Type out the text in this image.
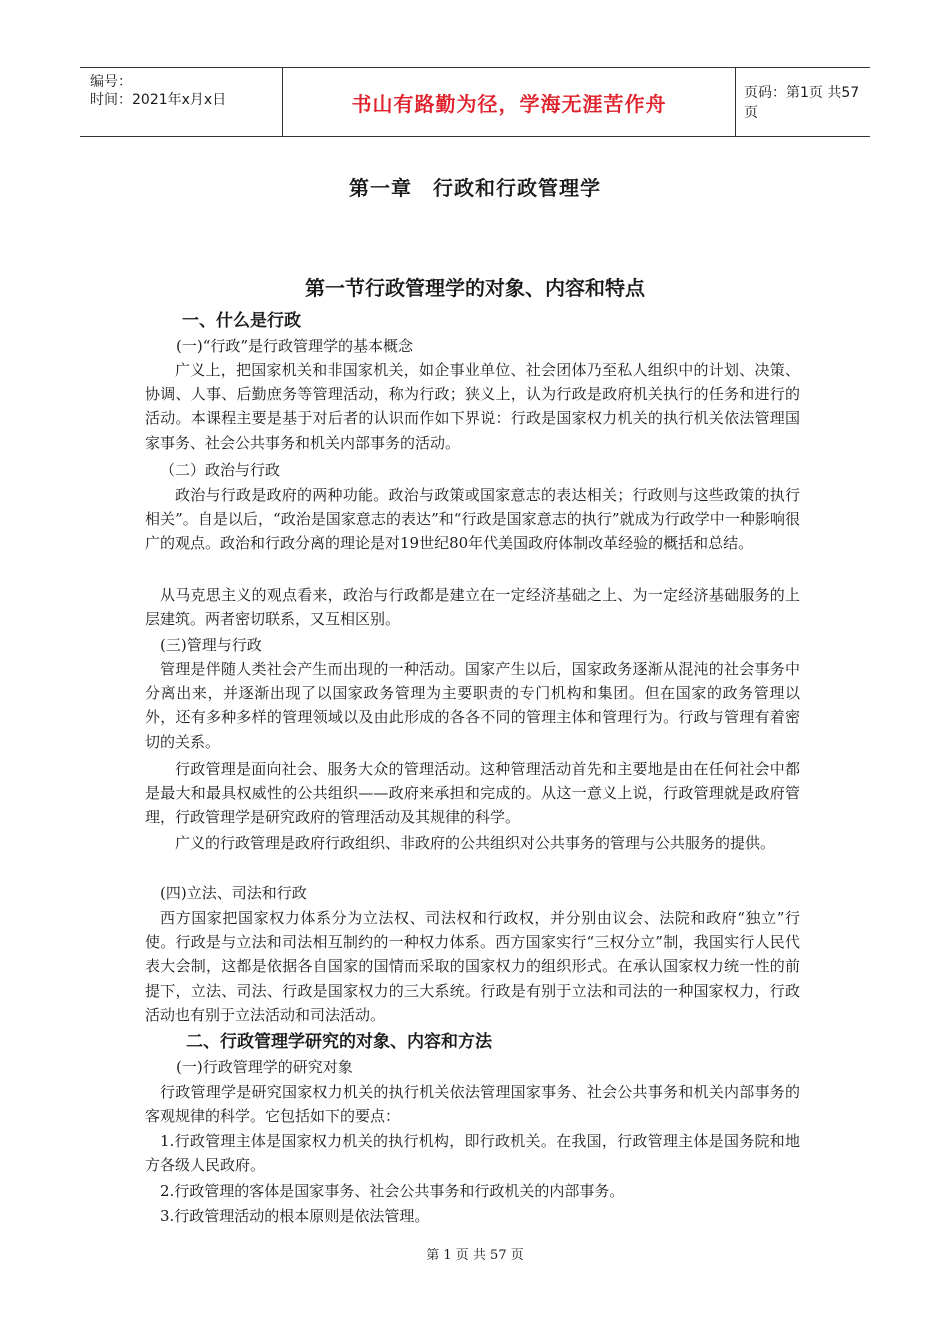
编号：
时间：2021年x月x日	书山有路勤为径，学海无涯苦作舟	页码：第1页 共57页
第一章　行政和行政管理学
第一节行政管理学的对象、内容和特点
一、什么是行政
(一)“行政”是行政管理学的基本概念
广义上，把国家机关和非国家机关，如企事业单位、社会团体乃至私人组织中的计划、决策、协调、人事、后勤庶务等管理活动，称为行政；狭义上，认为行政是政府机关执行的任务和进行的活动。本课程主要是基于对后者的认识而作如下界说：行政是国家权力机关的执行机关依法管理国家事务、社会公共事务和机关内部事务的活动。
（二）政治与行政
政治与行政是政府的两种功能。政治与政策或国家意志的表达相关；行政则与这些政策的执行相关”。自是以后，“政治是国家意志的表达”和“行政是国家意志的执行”就成为行政学中一种影响很广的观点。政治和行政分离的理论是对19世纪80年代美国政府体制改革经验的概括和总结。
从马克思主义的观点看来，政治与行政都是建立在一定经济基础之上、为一定经济基础服务的上层建筑。两者密切联系，又互相区别。
(三)管理与行政
管理是伴随人类社会产生而出现的一种活动。国家产生以后，国家政务逐渐从混沌的社会事务中分离出来，并逐渐出现了以国家政务管理为主要职责的专门机构和集团。但在国家的政务管理以外，还有多种多样的管理领域以及由此形成的各各不同的管理主体和管理行为。行政与管理有着密切的关系。
行政管理是面向社会、服务大众的管理活动。这种管理活动首先和主要地是由在任何社会中都是最大和最具权威性的公共组织——政府来承担和完成的。从这一意义上说，行政管理就是政府管理，行政管理学是研究政府的管理活动及其规律的科学。
广义的行政管理是政府行政组织、非政府的公共组织对公共事务的管理与公共服务的提供。
(四)立法、司法和行政
西方国家把国家权力体系分为立法权、司法权和行政权，并分别由议会、法院和政府“独立”行使。行政是与立法和司法相互制约的一种权力体系。西方国家实行“三权分立”制，我国实行人民代表大会制，这都是依据各自国家的国情而采取的国家权力的组织形式。在承认国家权力统一性的前提下，立法、司法、行政是国家权力的三大系统。行政是有别于立法和司法的一种国家权力，行政活动也有别于立法活动和司法活动。
二、行政管理学研究的对象、内容和方法
(一)行政管理学的研究对象
行政管理学是研究国家权力机关的执行机关依法管理国家事务、社会公共事务和机关内部事务的客观规律的科学。它包括如下的要点：
1.行政管理主体是国家权力机关的执行机构，即行政机关。在我国，行政管理主体是国务院和地方各级人民政府。
2.行政管理的客体是国家事务、社会公共事务和行政机关的内部事务。
3.行政管理活动的根本原则是依法管理。
第 1 页 共 57 页
